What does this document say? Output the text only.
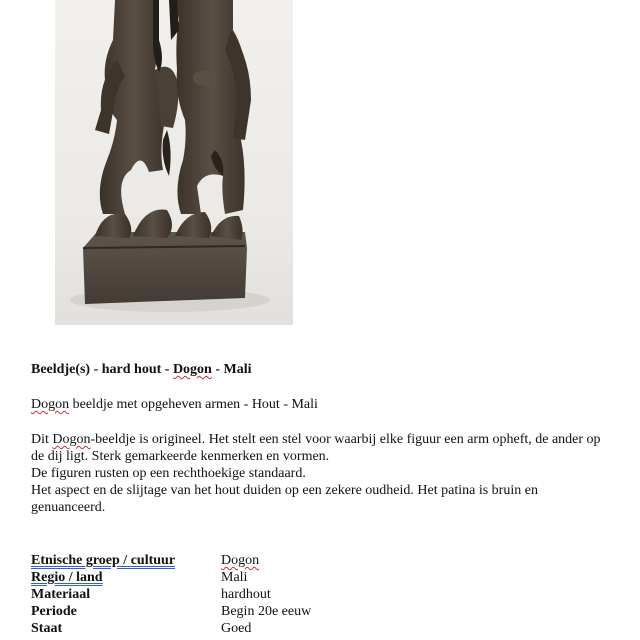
Beeldje(s) - hard hout - Dogon - Mali
Dogon beeldje met opgeheven armen - Hout - Mali

Dit Dogon-beeldje is origineel. Het stelt een stel voor waarbij elke figuur een arm opheft, de ander op de dij ligt. Sterk gemarkeerde kenmerken en vormen.

De figuren rusten op een rechthoekige standaard.

Het aspect en de slijtage van het hout duiden op een zekere oudheid. Het patina is bruin en genuanceerd.

Etnische groep / cultuur	Dogon
Regio / land	Mali
Materiaal	hardhout
Periode	Begin 20e eeuw
Staat	Goed
